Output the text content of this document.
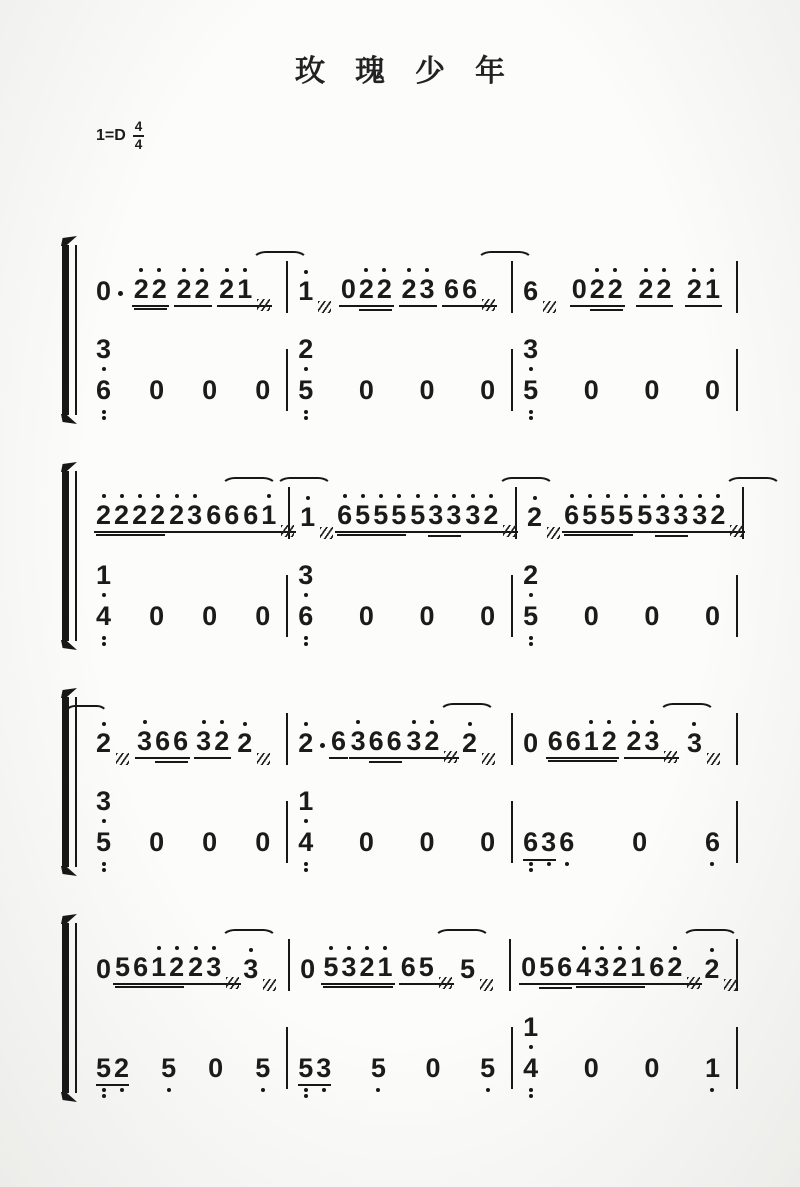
玫瑰少年
$1=D \frac{4}{4}$
0 2 2 2 2 2 1 1 0 2 2 2 3 6 6 6 0 2 2 2 2 2 1
3
6 0 0 0
2
5 0 0 0
3
5 0 0 0
2 2 2 2 2 3 6 6 6 1 1 6 5 5 5 5 3 3 3 2 2 6 5 5 5 5 3 3 3 2
1
4 0 0 0
3
6 0 0 0
2
5 0 0 0
2 3 6 6 3 2 2 2 6 3 6 6 3 2 2 0 6 6 1 2 2 3 3
3
5 0 0 0
1
4 0 0 0 6 3 6 0 6
0 5 6 1 2 2 3 3 0 5 3 2 1 6 5 5 0 5 6 4 3 2 1 6 2 2
5 2 5 0 5 5 3 5 0 5
1
4 0 0 1
